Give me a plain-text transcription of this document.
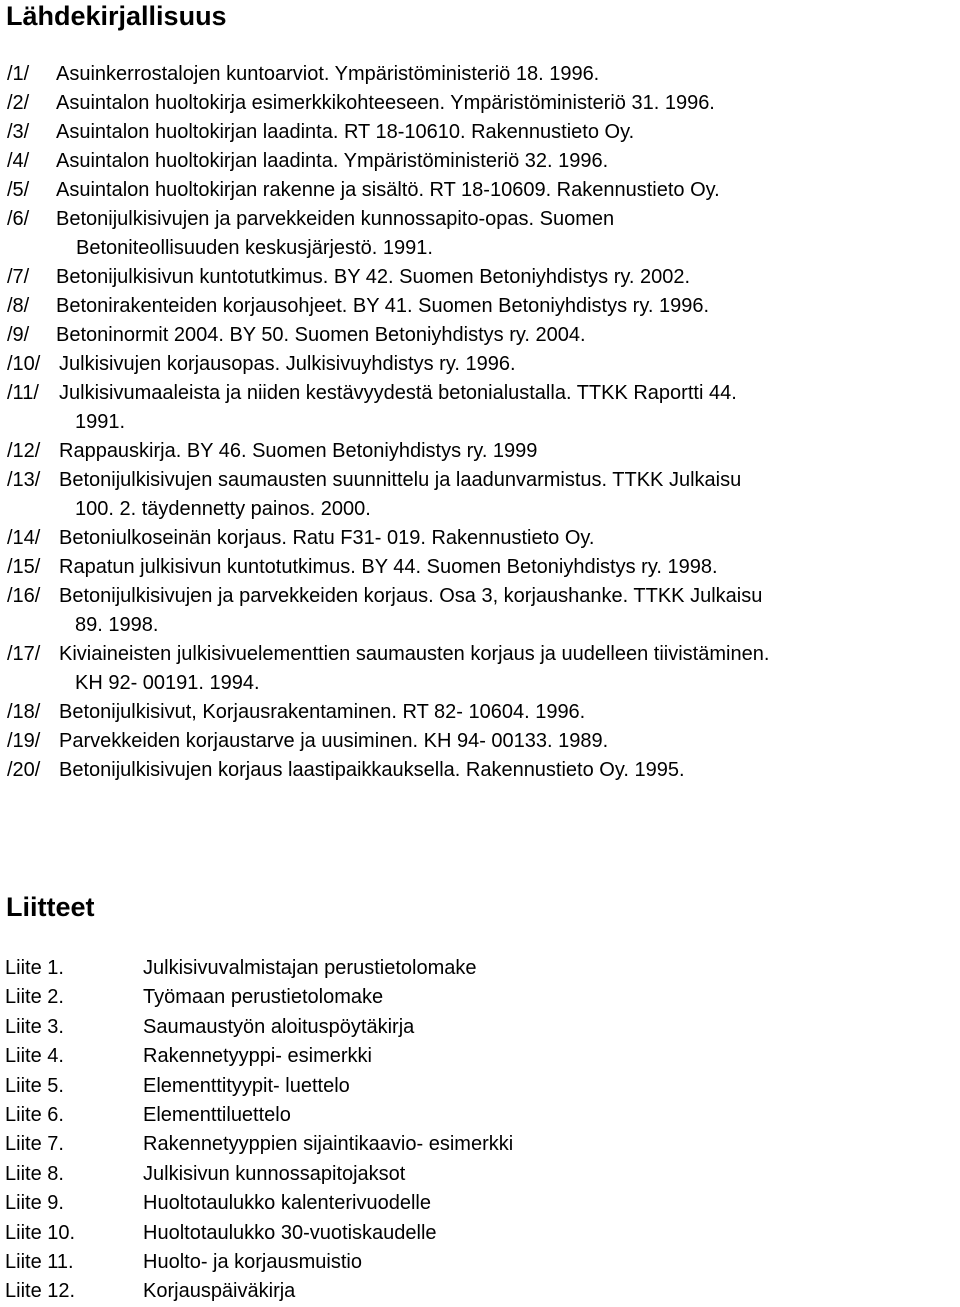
Lähdekirjallisuus
/1/ Asuinkerrostalojen kuntoarviot. Ympäristöministeriö 18. 1996.
/2/ Asuintalon huoltokirja esimerkkikohteeseen. Ympäristöministeriö 31. 1996.
/3/ Asuintalon huoltokirjan laadinta. RT 18-10610. Rakennustieto Oy.
/4/ Asuintalon huoltokirjan laadinta. Ympäristöministeriö 32. 1996.
/5/ Asuintalon huoltokirjan rakenne ja sisältö. RT 18-10609. Rakennustieto Oy.
/6/ Betonijulkisivujen ja parvekkeiden kunnossapito-opas. Suomen
Betoniteollisuuden keskusjärjestö. 1991.
/7/ Betonijulkisivun kuntotutkimus. BY 42. Suomen Betoniyhdistys ry. 2002.
/8/ Betonirakenteiden korjausohjeet. BY 41. Suomen Betoniyhdistys ry. 1996.
/9/ Betoninormit 2004. BY 50. Suomen Betoniyhdistys ry. 2004.
/10/ Julkisivujen korjausopas. Julkisivuyhdistys ry. 1996.
/11/ Julkisivumaaleista ja niiden kestävyydestä betonialustalla. TTKK Raportti 44.
1991.
/12/ Rappauskirja. BY 46. Suomen Betoniyhdistys ry. 1999
/13/ Betonijulkisivujen saumausten suunnittelu ja laadunvarmistus. TTKK Julkaisu
100. 2. täydennetty painos. 2000.
/14/ Betoniulkoseinän korjaus. Ratu F31- 019. Rakennustieto Oy.
/15/ Rapatun julkisivun kuntotutkimus. BY 44. Suomen Betoniyhdistys ry. 1998.
/16/ Betonijulkisivujen ja parvekkeiden korjaus. Osa 3, korjaushanke. TTKK Julkaisu
89. 1998.
/17/ Kiviaineisten julkisivuelementtien saumausten korjaus ja uudelleen tiivistäminen.
KH 92- 00191. 1994.
/18/ Betonijulkisivut, Korjausrakentaminen. RT 82- 10604. 1996.
/19/ Parvekkeiden korjaustarve ja uusiminen. KH 94- 00133. 1989.
/20/ Betonijulkisivujen korjaus laastipaikkauksella. Rakennustieto Oy. 1995.
Liitteet
Liite 1.	Julkisivuvalmistajan perustietolomake
Liite 2.	Työmaan perustietolomake
Liite 3.	Saumaustyön aloituspöytäkirja
Liite 4.	Rakennetyyppi- esimerkki
Liite 5.	Elementtityypit- luettelo
Liite 6.	Elementtiluettelo
Liite 7.	Rakennetyyppien sijaintikaavio- esimerkki
Liite 8.	Julkisivun kunnossapitojaksot
Liite 9.	Huoltotaulukko kalenterivuodelle
Liite 10.	Huoltotaulukko 30-vuotiskaudelle
Liite 11.	Huolto- ja korjausmuistio
Liite 12.	Korjauspäiväkirja
